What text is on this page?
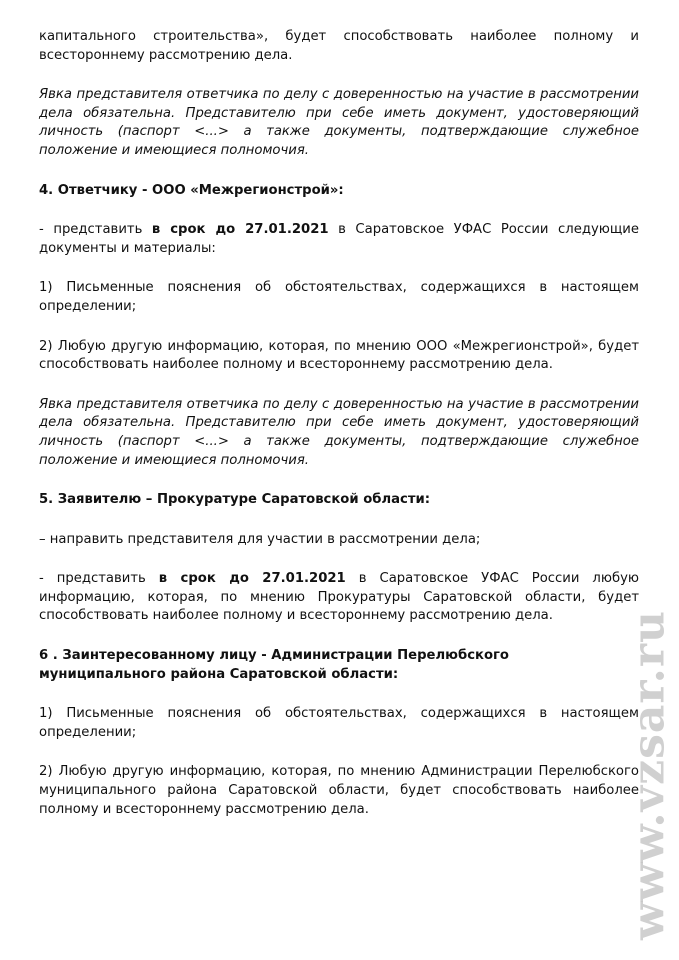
капитального строительства», будет способствовать наиболее полному и всестороннему рассмотрению дела.

Явка представителя ответчика по делу с доверенностью на участие в рассмотрении дела обязательна. Представителю при себе иметь документ, удостоверяющий личность (паспорт <...> а также документы, подтверждающие служебное положение и имеющиеся полномочия.

4. Ответчику - ООО «Межрегионстрой»:

- представить в срок до 27.01.2021 в Саратовское УФАС России следующие документы и материалы:

1) Письменные пояснения об обстоятельствах, содержащихся в настоящем определении;

2) Любую другую информацию, которая, по мнению ООО «Межрегионстрой», будет способствовать наиболее полному и всестороннему рассмотрению дела.

Явка представителя ответчика по делу с доверенностью на участие в рассмотрении дела обязательна. Представителю при себе иметь документ, удостоверяющий личность (паспорт <...> а также документы, подтверждающие служебное положение и имеющиеся полномочия.

5. Заявителю – Прокуратуре Саратовской области:

– направить представителя для участии в рассмотрении дела;

- представить в срок до 27.01.2021 в Саратовское УФАС России любую информацию, которая, по мнению Прокуратуры Саратовской области, будет способствовать наиболее полному и всестороннему рассмотрению дела.

6 . Заинтересованному лицу - Администрации Перелюбского муниципального района Саратовской области:

1) Письменные пояснения об обстоятельствах, содержащихся в настоящем определении;

2) Любую другую информацию, которая, по мнению Администрации Перелюбского муниципального района Саратовской области, будет способствовать наиболее полному и всестороннему рассмотрению дела.	www.vzsar.ru
